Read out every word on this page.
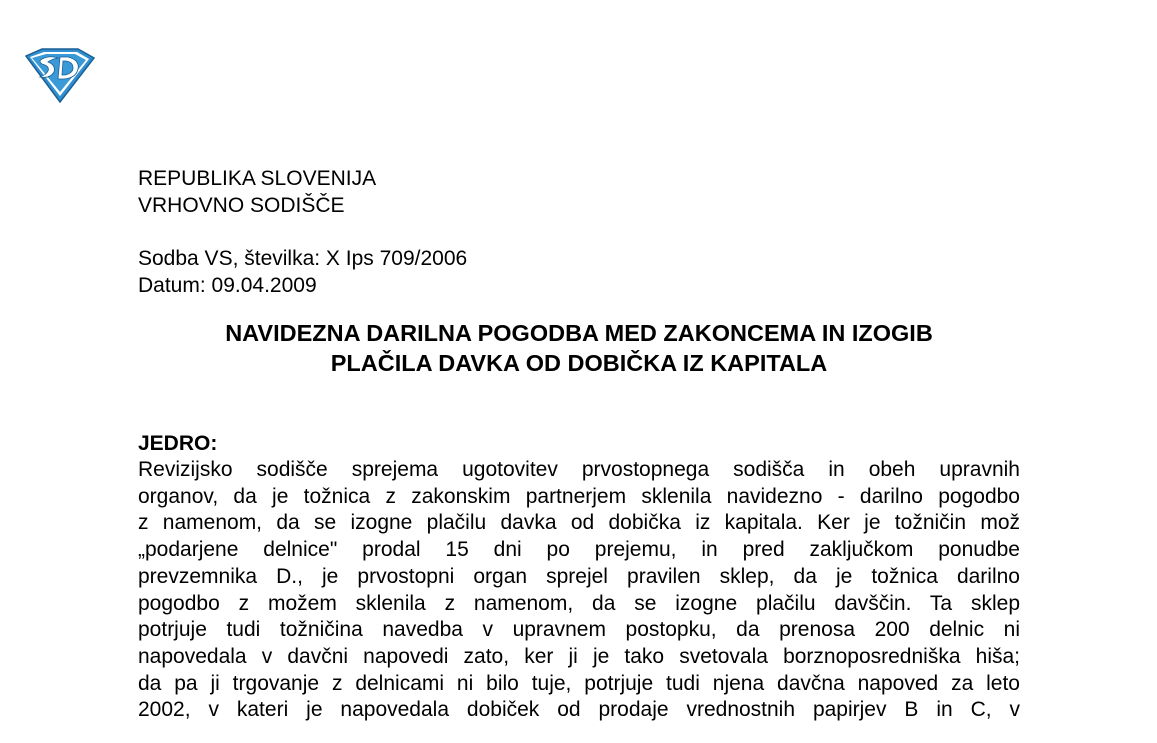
REPUBLIKA SLOVENIJA

VRHOVNO SODIŠČE

Sodba VS, številka: X Ips 709/2006

Datum: 09.04.2009

NAVIDEZNA DARILNA POGODBA MED ZAKONCEMA IN IZOGIB

PLAČILA DAVKA OD DOBIČKA IZ KAPITALA

JEDRO:

Revizijsko sodišče sprejema ugotovitev prvostopnega sodišča in obeh upravnih

organov, da je tožnica z zakonskim partnerjem sklenila navidezno - darilno pogodbo

z namenom, da se izogne plačilu davka od dobička iz kapitala. Ker je tožničin mož

„podarjene delnice" prodal 15 dni po prejemu, in pred zaključkom ponudbe

prevzemnika D., je prvostopni organ sprejel pravilen sklep, da je tožnica darilno

pogodbo z možem sklenila z namenom, da se izogne plačilu davščin. Ta sklep

potrjuje tudi tožničina navedba v upravnem postopku, da prenosa 200 delnic ni

napovedala v davčni napovedi zato, ker ji je tako svetovala borznoposredniška hiša;

da pa ji trgovanje z delnicami ni bilo tuje, potrjuje tudi njena davčna napoved za leto

2002, v kateri je napovedala dobiček od prodaje vrednostnih papirjev B in C, v
